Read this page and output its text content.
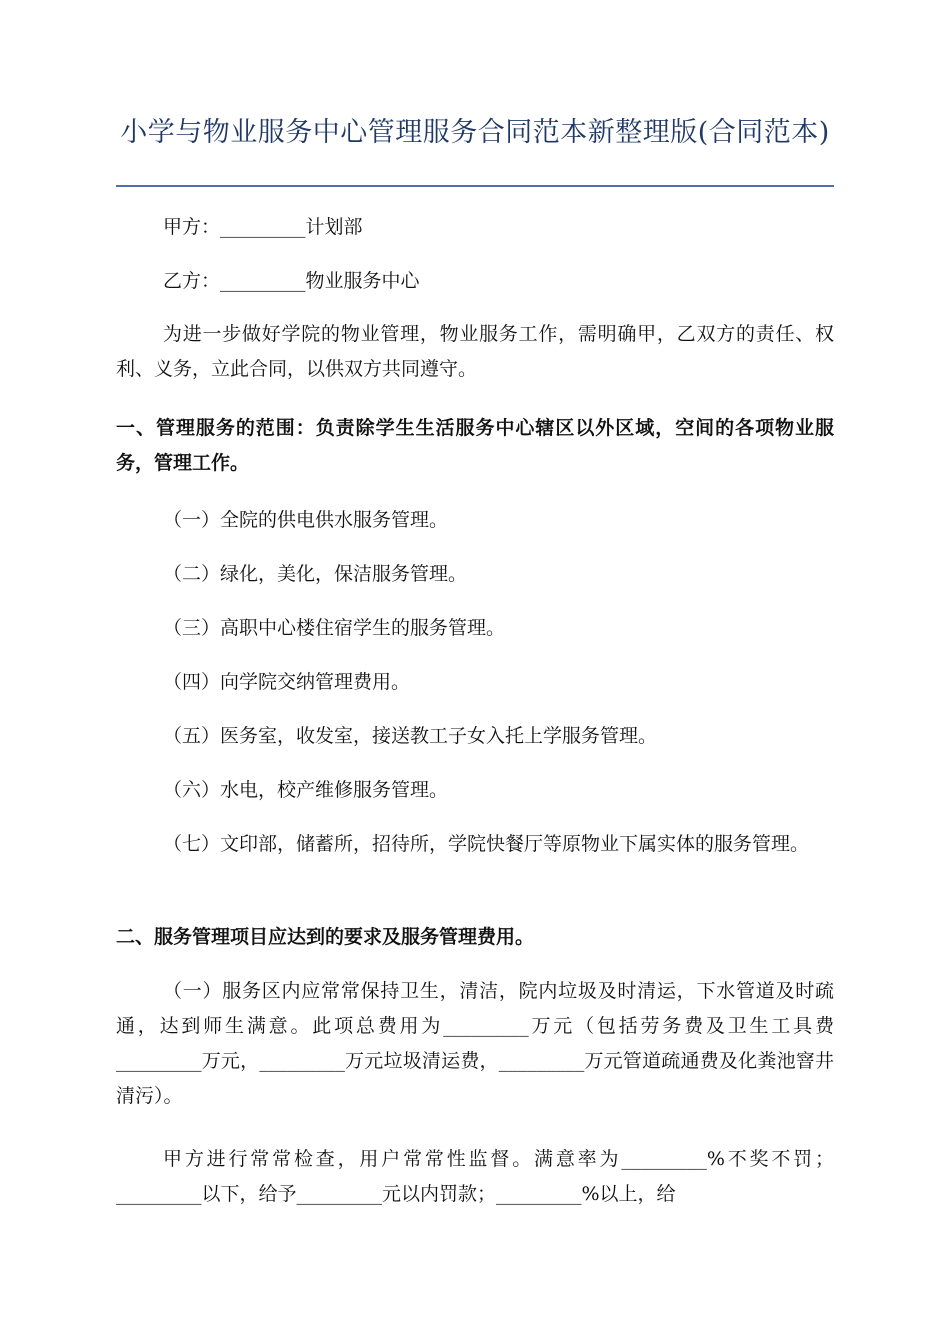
小学与物业服务中心管理服务合同范本新整理版(合同范本)
甲方：_________计划部
乙方：_________物业服务中心
为进一步做好学院的物业管理，物业服务工作，需明确甲，乙双方的责任、权利、义务，立此合同，以供双方共同遵守。
一、管理服务的范围：负责除学生生活服务中心辖区以外区域，空间的各项物业服务，管理工作。
（一）全院的供电供水服务管理。
（二）绿化，美化，保洁服务管理。
（三）高职中心楼住宿学生的服务管理。
（四）向学院交纳管理费用。
（五）医务室，收发室，接送教工子女入托上学服务管理。
（六）水电，校产维修服务管理。
（七）文印部，储蓄所，招待所，学院快餐厅等原物业下属实体的服务管理。
二、服务管理项目应达到的要求及服务管理费用。
（一）服务区内应常常保持卫生，清洁，院内垃圾及时清运，下水管道及时疏通，达到师生满意。此项总费用为_________万元（包括劳务费及卫生工具费_________万元，_________万元垃圾清运费，_________万元管道疏通费及化粪池窨井清污）。
甲方进行常常检查，用户常常性监督。满意率为_________%不奖不罚；_________以下，给予_________元以内罚款；_________%以上，给
